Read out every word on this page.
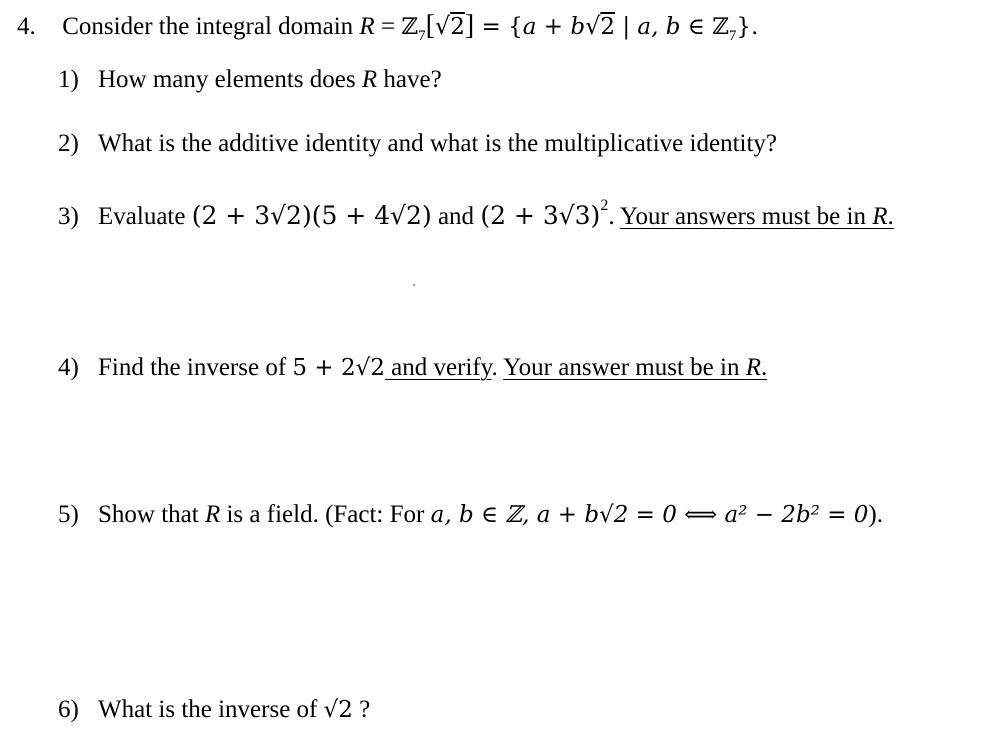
4. Consider the integral domain R = ℤ$_7$[√2] = {a + b√2 | a, b ∈ ℤ$_7$}.
1) How many elements does R have?
2) What is the additive identity and what is the multiplicative identity?
3) Evaluate (2 + 3√2)(5 + 4√2) and $(2 + 3√3)^2$. Your answers must be in R.
4) Find the inverse of 5 + 2√2 and verify. Your answer must be in R.
5) Show that R is a field. (Fact: For a, b ∈ ℤ, a + b√2 = 0 ⟺ a² − 2b² = 0).
6) What is the inverse of √2 ?
